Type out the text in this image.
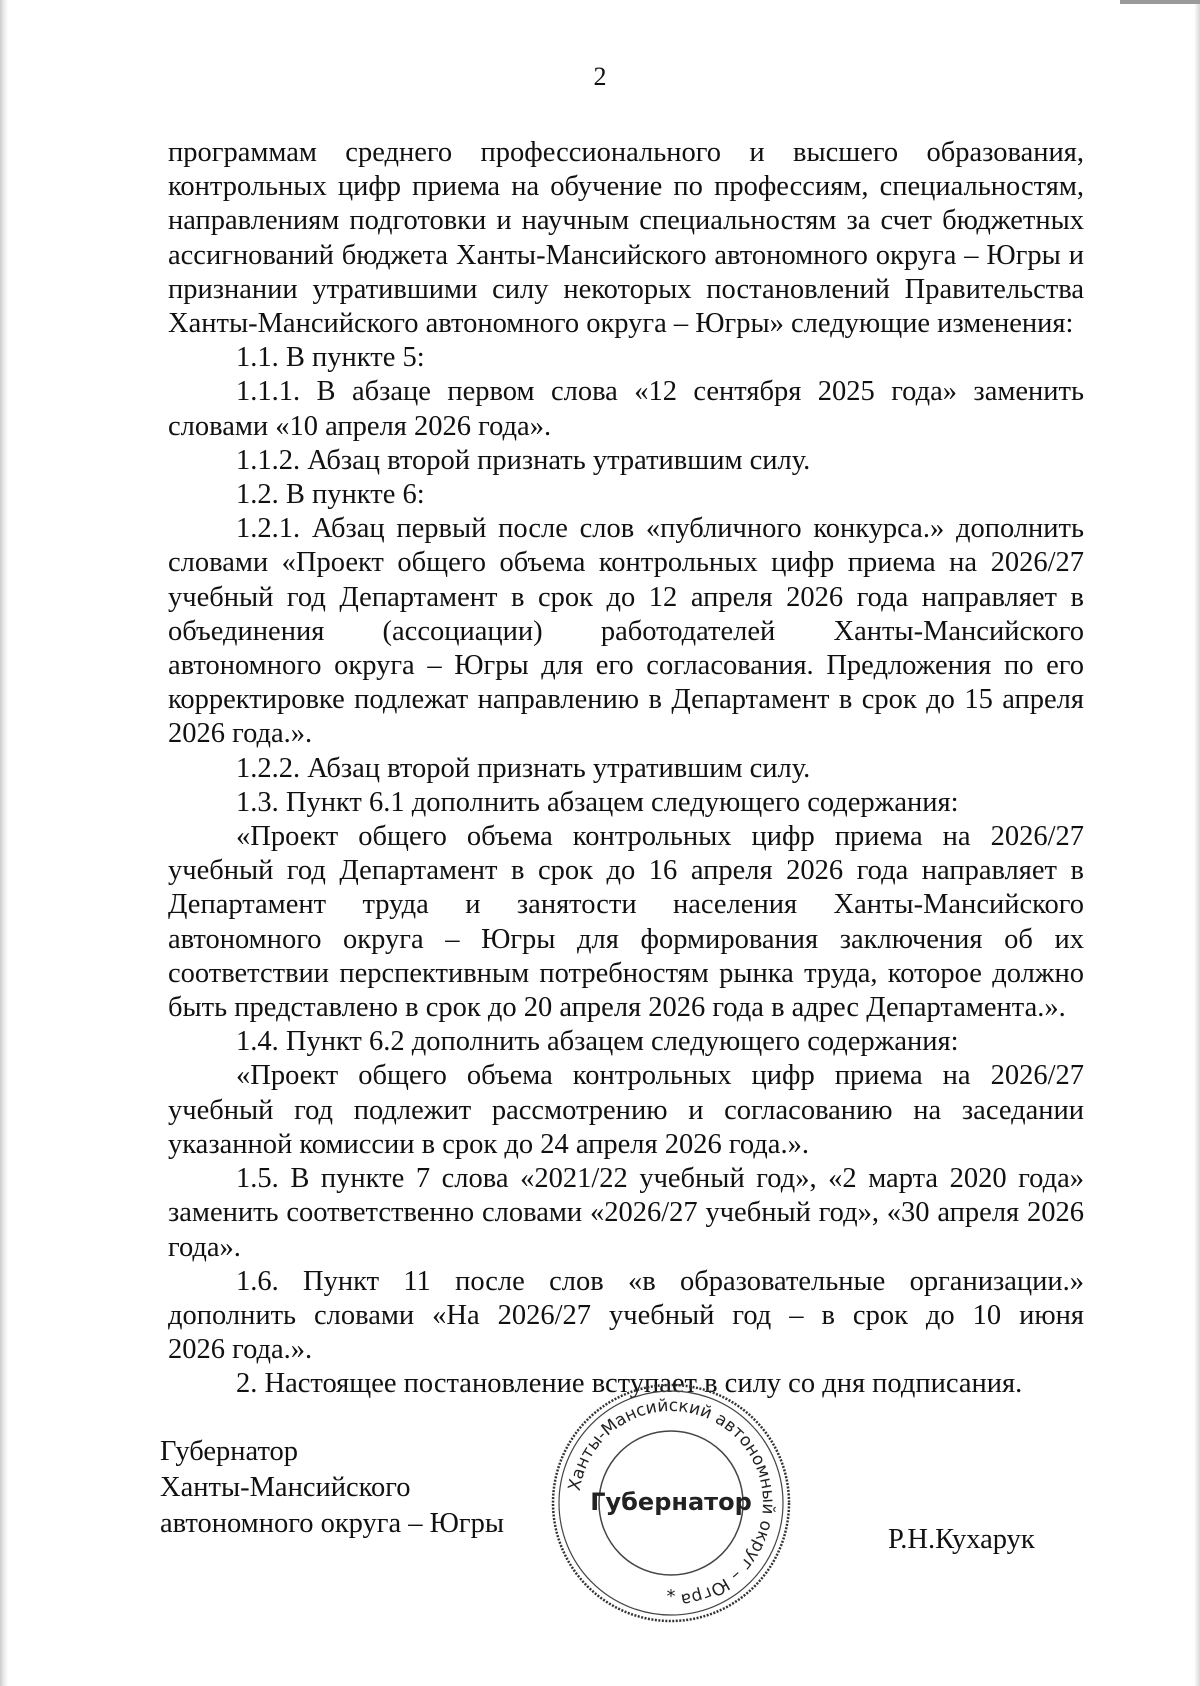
2
программам среднего профессионального и высшего образования,
контрольных цифр приема на обучение по профессиям, специальностям,
направлениям подготовки и научным специальностям за счет бюджетных
ассигнований бюджета Ханты-Мансийского автономного округа – Югры и
признании утратившими силу некоторых постановлений Правительства
Ханты-Мансийского автономного округа – Югры» следующие изменения:
1.1. В пункте 5:
1.1.1. В абзаце первом слова «12 сентября 2025 года» заменить
словами «10 апреля 2026 года».
1.1.2. Абзац второй признать утратившим силу.
1.2. В пункте 6:
1.2.1. Абзац первый после слов «публичного конкурса.» дополнить
словами «Проект общего объема контрольных цифр приема на 2026/27
учебный год Департамент в срок до 12 апреля 2026 года направляет в
объединения (ассоциации) работодателей Ханты-Мансийского
автономного округа – Югры для его согласования. Предложения по его
корректировке подлежат направлению в Департамент в срок до 15 апреля
2026 года.».
1.2.2. Абзац второй признать утратившим силу.
1.3. Пункт 6.1 дополнить абзацем следующего содержания:
«Проект общего объема контрольных цифр приема на 2026/27
учебный год Департамент в срок до 16 апреля 2026 года направляет в
Департамент труда и занятости населения Ханты-Мансийского
автономного округа – Югры для формирования заключения об их
соответствии перспективным потребностям рынка труда, которое должно
быть представлено в срок до 20 апреля 2026 года в адрес Департамента.».
1.4. Пункт 6.2 дополнить абзацем следующего содержания:
«Проект общего объема контрольных цифр приема на 2026/27
учебный год подлежит рассмотрению и согласованию на заседании
указанной комиссии в срок до 24 апреля 2026 года.».
1.5. В пункте 7 слова «2021/22 учебный год», «2 марта 2020 года»
заменить соответственно словами «2026/27 учебный год», «30 апреля 2026
года».
1.6. Пункт 11 после слов «в образовательные организации.»
дополнить словами «На 2026/27 учебный год – в срок до 10 июня
2026 года.».
2. Настоящее постановление вступает в силу со дня подписания.
Губернатор
Ханты-Мансийского
автономного округа – Югры
Р.Н.Кухарук
Ханты-Мансийский автономный округ – Югра
Губернатор
*
